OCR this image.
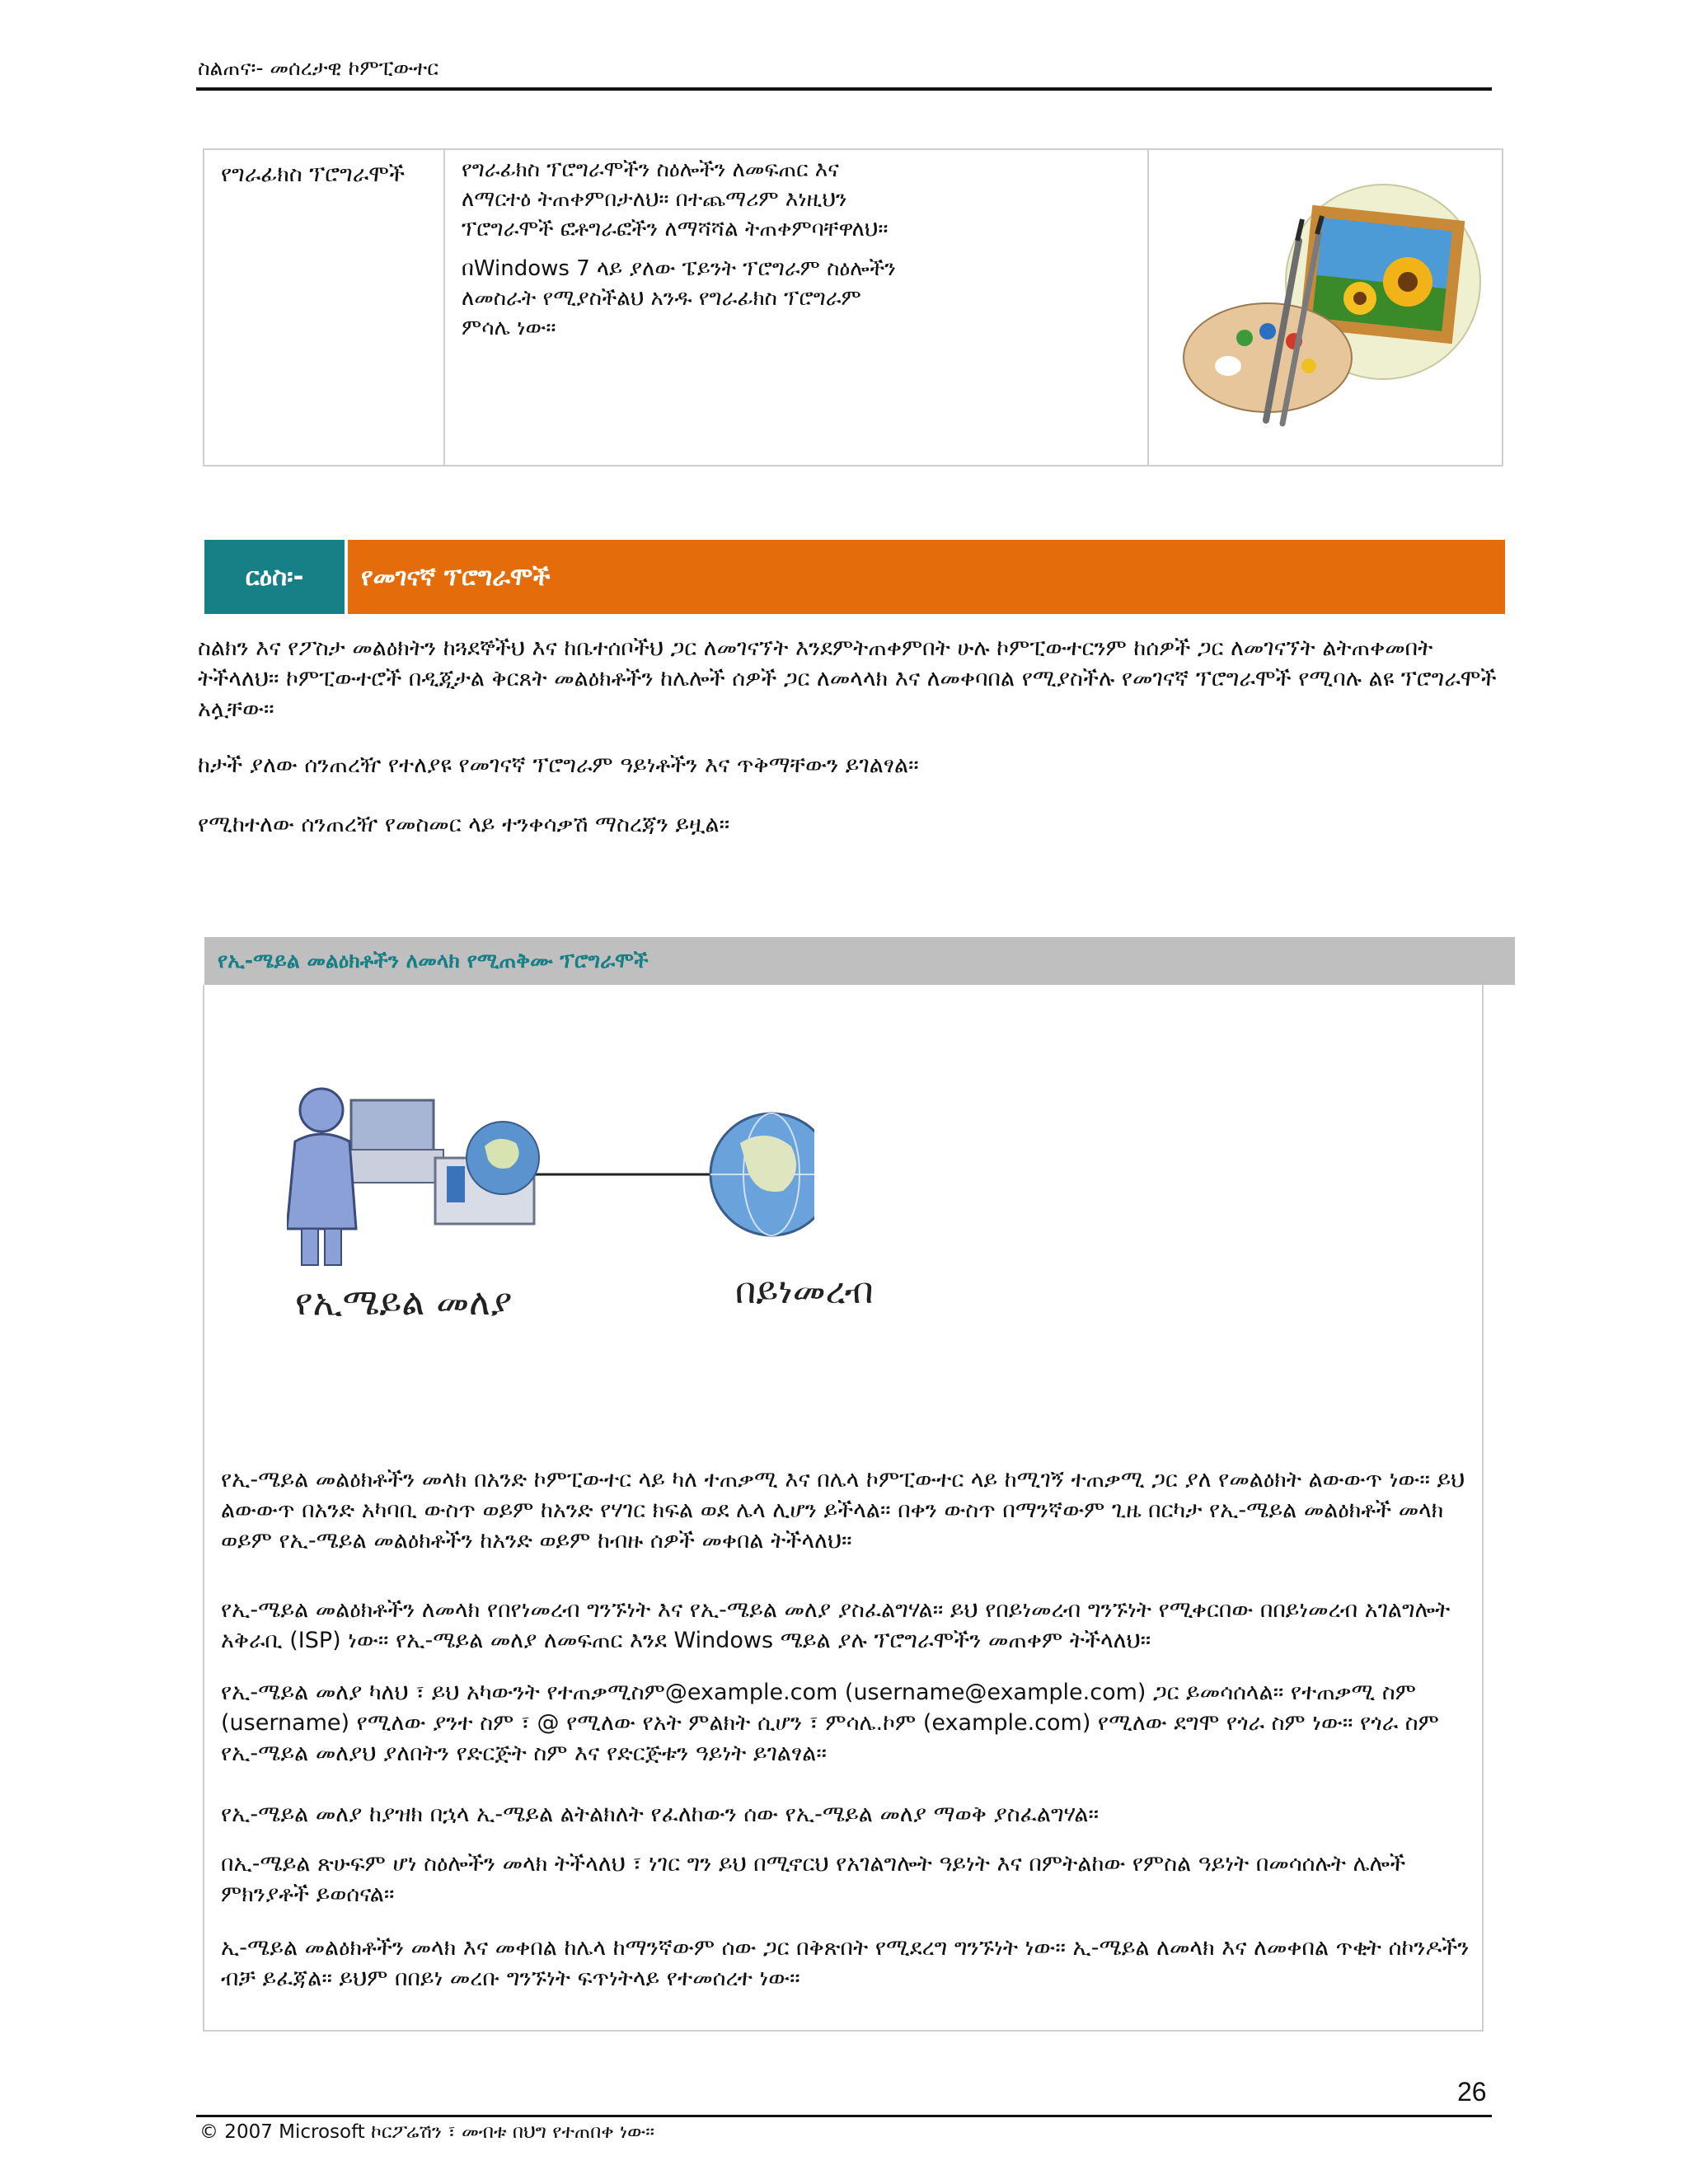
ስልጠና፡- መሰረታዊ ኮምፒውተር
የግራፊክስ ፕሮግራሞች	የግራፊክስ ፕሮግራሞችን ስዕሎችን ለመፍጠር እና ለማርተዕ ትጠቀምበታለህ። በተጨማሪም እነዚህን ፕሮግራሞች ፎቶግራፎችን ለማሻሻል ትጠቀምባቸዋለህ።

በWindows 7 ላይ ያለው ፔይንት ፕሮግራም ስዕሎችን ለመስራት የሚያስችልህ አንዱ የግራፊክስ ፕሮግራም ምሳሌ ነው።

ርዕስ፡-	የመገናኛ ፕሮግራሞች
ስልክን እና የፖስታ መልዕክትን ከጓደኞችህ እና ከቤተሰቦችህ ጋር ለመገናኘት እንደምትጠቀምበት ሁሉ ኮምፒውተርንም ከሰዎች ጋር ለመገናኘት ልትጠቀመበት ትችላለህ። ኮምፒውተሮች በዲጂታል ቅርጸት መልዕክቶችን ከሌሎች ሰዎች ጋር ለመላላክ እና ለመቀባበል የሚያስችሉ የመገናኛ ፕሮግራሞች የሚባሉ ልዩ ፕሮግራሞች አሏቸው።
ከታች ያለው ሰንጠረዥ የተለያዩ የመገናኛ ፕሮግራም ዓይነቶችን እና ጥቅማቸውን ይገልፃል።
የሚከተለው ሰንጠረዥ የመስመር ላይ ተንቀሳቃሽ ማስረጃን ይዟል።
የኢ-ሜይል መልዕክቶችን ለመላክ የሚጠቅሙ ፕሮግራሞች
የኢሜይል መለያ	በይነመረብ

የኢ-ሜይል መልዕክቶችን መላክ በአንድ ኮምፒውተር ላይ ካለ ተጠቃሚ እና በሌላ ኮምፒውተር ላይ ከሚገኝ ተጠቃሚ ጋር ያለ የመልዕክት ልውውጥ ነው። ይህ ልውውጥ በአንድ አካባቢ ውስጥ ወይም ከአንድ የሃገር ክፍል ወደ ሌላ ሊሆን ይችላል። በቀን ውስጥ በማንኛውም ጊዜ በርካታ የኢ-ሜይል መልዕክቶች መላክ ወይም የኢ-ሜይል መልዕክቶችን ከአንድ ወይም ከብዙ ሰዎች መቀበል ትችላለህ።

የኢ-ሜይል መልዕክቶችን ለመላክ የበየነመረብ ግንኙነት እና የኢ-ሜይል መለያ ያስፈልግሃል። ይህ የበይነመረብ ግንኙነት የሚቀርበው በበይነመረብ አገልግሎት አቅራቢ (ISP) ነው። የኢ-ሜይል መለያ ለመፍጠር እንደ Windows ሜይል ያሉ ፕሮግራሞችን መጠቀም ትችላለህ።

የኢ-ሜይል መለያ ካለህ ፣ ይህ አካውንት የተጠቃሚስም@example.com (username@example.com) ጋር ይመሳሰላል። የተጠቃሚ ስም (username) የሚለው ያንተ ስም ፣ @ የሚለው የአት ምልክት ሲሆን ፣ ምሳሌ.ኮም (example.com) የሚለው ደግሞ የጎራ ስም ነው። የጎራ ስም የኢ-ሜይል መለያህ ያለበትን የድርጅት ስም እና የድርጅቱን ዓይነት ይገልፃል።

የኢ-ሜይል መለያ ከያዝክ በኋላ ኢ-ሜይል ልትልክለት የፈለከውን ሰው የኢ-ሜይል መለያ ማወቅ ያስፈልግሃል።

በኢ-ሜይል ጽሁፍም ሆነ ስዕሎችን መላክ ትችላለህ ፣ ነገር ግን ይህ በሚኖርህ የአገልግሎት ዓይነት እና በምትልከው የምስል ዓይነት በመሳሰሉት ሌሎች ምክንያቶች ይወሰናል።

ኢ-ሜይል መልዕክቶችን መላክ እና መቀበል ከሌላ ከማንኛውም ሰው ጋር በቅጽበት የሚደረግ ግንኙነት ነው። ኢ-ሜይል ለመላክ እና ለመቀበል ጥቂት ሰኮንዶችን ብቻ ይፈጃል። ይህም በበይነ መረቡ ግንኙነት ፍጥነትላይ የተመሰረተ ነው።

26
© 2007 Microsoft ኮርፖሬሽን ፣ መብቱ በህግ የተጠበቀ ነው።
